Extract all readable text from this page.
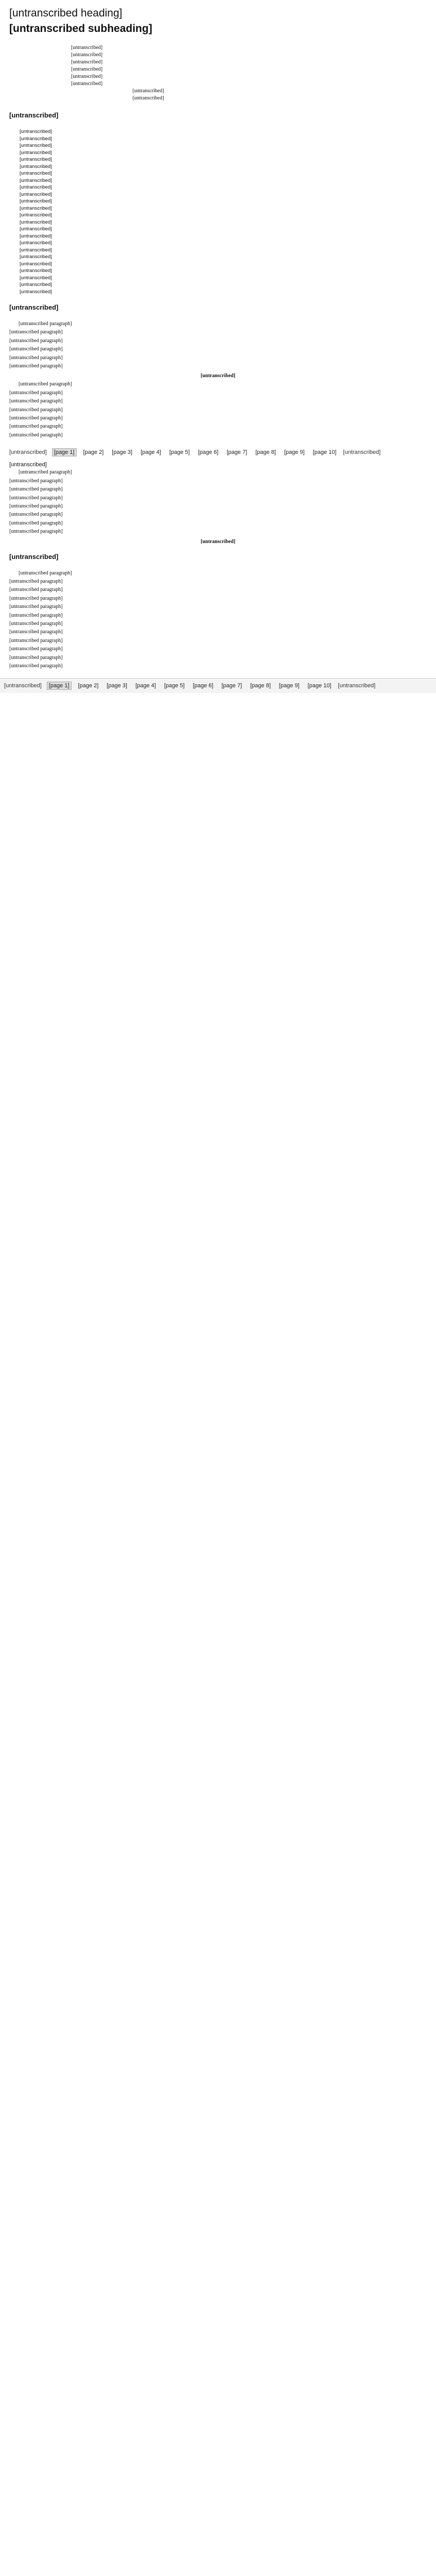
[untranscribed heading]
[untranscribed subheading]
[untranscribed]
[untranscribed]
[untranscribed]
[untranscribed]
[untranscribed]
[untranscribed]
[untranscribed]
[untranscribed]
[untranscribed]
[untranscribed]
[untranscribed]
[untranscribed]
[untranscribed]
[untranscribed]
[untranscribed]
[untranscribed]
[untranscribed]
[untranscribed]
[untranscribed]
[untranscribed]
[untranscribed]
[untranscribed]
[untranscribed]
[untranscribed]
[untranscribed]
[untranscribed]
[untranscribed]
[untranscribed]
[untranscribed]
[untranscribed]
[untranscribed]
[untranscribed]
[untranscribed]
[untranscribed]

[untranscribed paragraph]

[untranscribed paragraph]

[untranscribed paragraph]

[untranscribed paragraph]

[untranscribed paragraph]

[untranscribed paragraph]

[untranscribed]

[untranscribed paragraph]

[untranscribed paragraph]

[untranscribed paragraph]

[untranscribed paragraph]

[untranscribed paragraph]

[untranscribed paragraph]

[untranscribed paragraph]

[untranscribed]	[page 1]	[page 2] [page 3] [page 4] [page 5] [page 6] [page 7] [page 8] [page 9] [page 10] [untranscribed]
[untranscribed]

[untranscribed paragraph]

[untranscribed paragraph]

[untranscribed paragraph]

[untranscribed paragraph]

[untranscribed paragraph]

[untranscribed paragraph]

[untranscribed paragraph]

[untranscribed paragraph]

[untranscribed]
[untranscribed]

[untranscribed paragraph]

[untranscribed paragraph]

[untranscribed paragraph]

[untranscribed paragraph]

[untranscribed paragraph]

[untranscribed paragraph]

[untranscribed paragraph]

[untranscribed paragraph]

[untranscribed paragraph]

[untranscribed paragraph]

[untranscribed paragraph]

[untranscribed paragraph]

[untranscribed]	[page 1]	[page 2] [page 3] [page 4] [page 5] [page 6] [page 7] [page 8] [page 9] [page 10] [untranscribed]
